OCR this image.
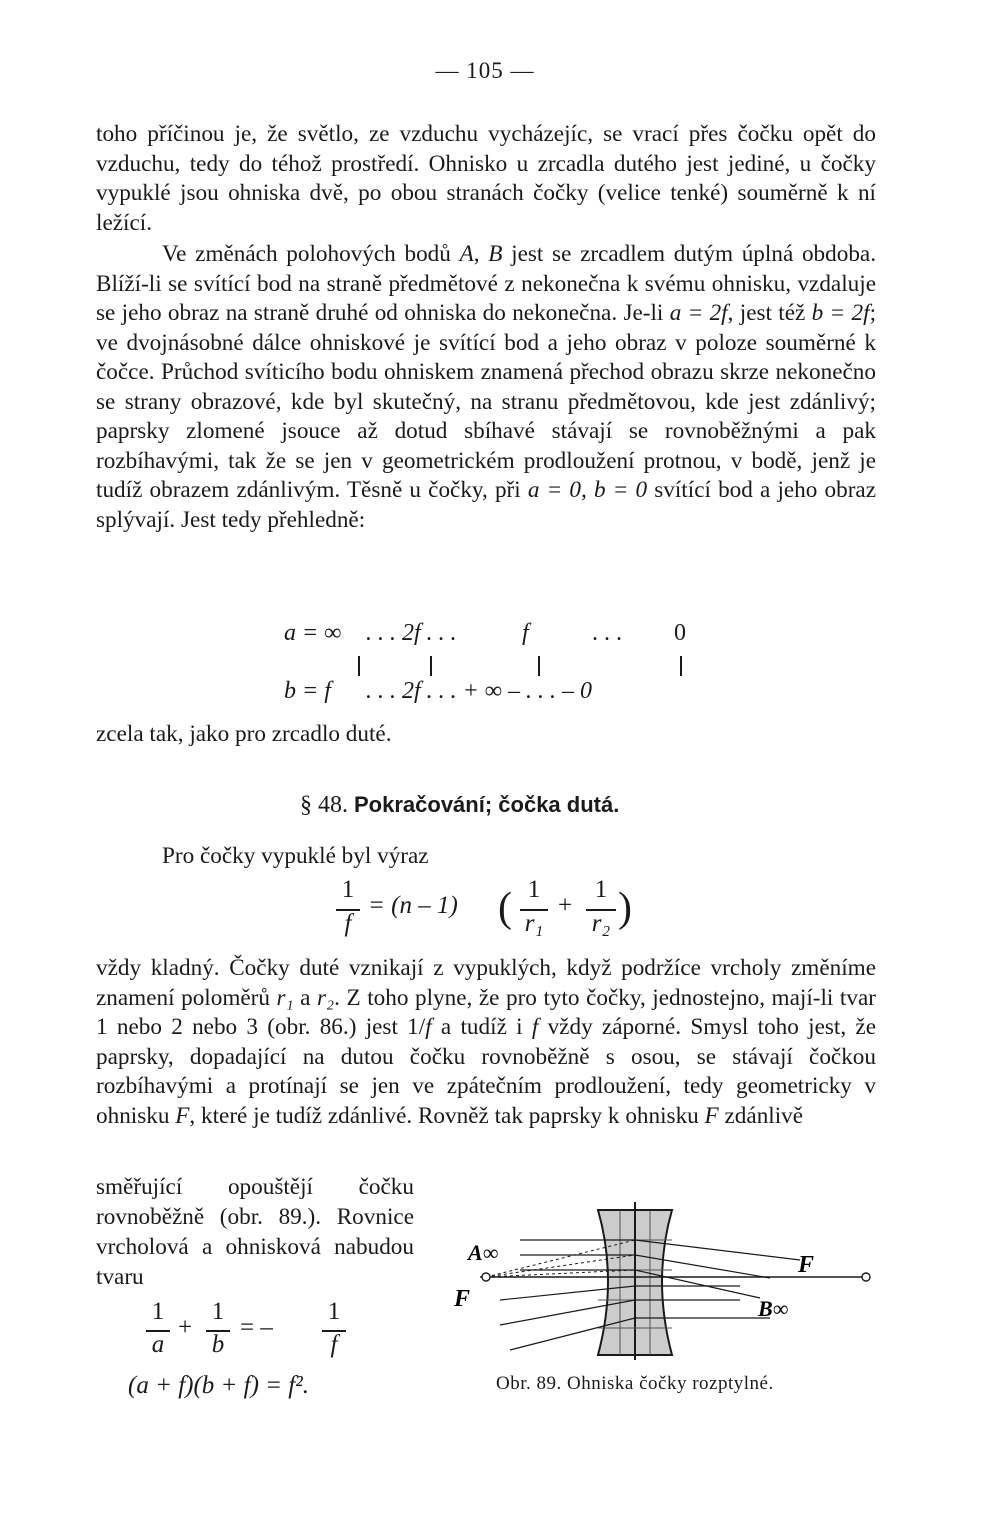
— 105 —

toho příčinou je, že světlo, ze vzduchu vycházejíc, se vrací přes čočku opět do vzduchu, tedy do téhož prostředí. Ohnisko u zrcadla dutého jest jediné, u čočky vypuklé jsou ohniska dvě, po obou stranách čočky (velice tenké) souměrně k ní ležící.

Ve změnách polohových bodů A, B jest se zrcadlem dutým úplná obdoba. Blíží-li se svítící bod na straně předmětové z nekonečna k svému ohnisku, vzdaluje se jeho obraz na straně druhé od ohniska do nekonečna. Je-li a = 2f, jest též b = 2f; ve dvojnásobné dálce ohniskové je svítící bod a jeho obraz v poloze souměrné k čočce. Průchod svíticího bodu ohniskem znamená přechod obrazu skrze nekonečno se strany obrazové, kde byl skutečný, na stranu předmětovou, kde jest zdánlivý; paprsky zlomené jsouce až dotud sbíhavé stávají se rovnoběžnými a pak rozbíhavými, tak že se jen v geometrickém prodloužení protnou, v bodě, jenž je tudíž obrazem zdánlivým. Těsně u čočky, při a = 0, b = 0 svítící bod a jeho obraz splývají. Jest tedy přehledně:

a = ∞ . . . 2f . . .	f	. . . 0
b = f . . . 2f . . . + ∞ – . . . – 0

zcela tak, jako pro zrcadlo duté.

§ 48. Pokračování; čočka dutá.

Pro čočky vypuklé byl výraz

1
f
= (n – 1) ( 1
r₁
+
1
r₂ )

vždy kladný. Čočky duté vznikají z vypuklých, když podržíce vrcholy změníme znamení poloměrů r₁ a r₂. Z toho plyne, že pro tyto čočky, jednostejno, mají-li tvar 1 nebo 2 nebo 3 (obr. 86.) jest 1/f a tudíž i f vždy záporné. Smysl toho jest, že paprsky, dopadající na dutou čočku rovnoběžně s osou, se stávají čočkou rozbíhavými a protínají se jen ve zpátečním prodloužení, tedy geometricky v ohnisku F, které je tudíž zdánlivé. Rovněž tak paprsky k ohnisku F zdánlivě

směřující opouštějí čočku rovnoběžně (obr. 89.). Rovnice vrcholová a ohnisková nabudou tvaru

1
a
+
1
b
= –
1
f
(a + f)(b + f) = f².
A∞
F
F
B∞
Obr. 89. Ohniska čočky rozptylné.
